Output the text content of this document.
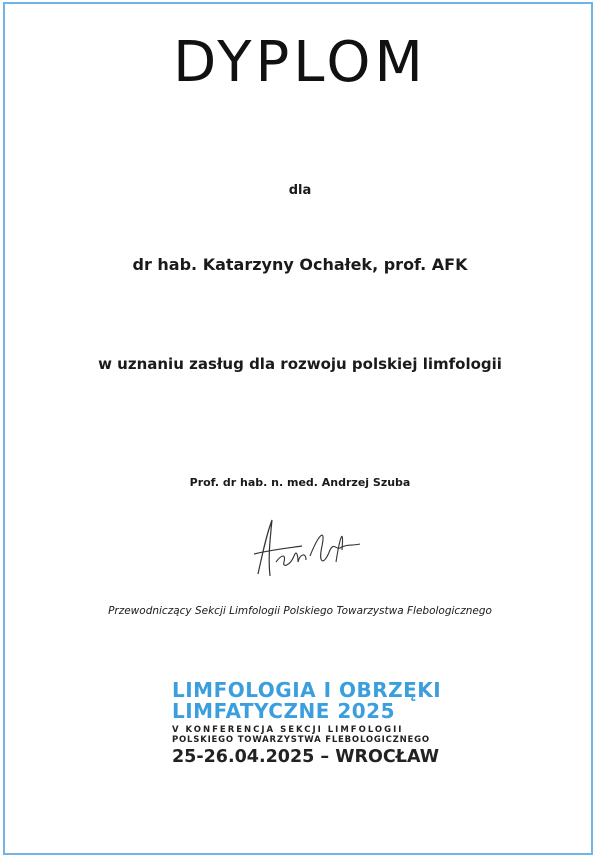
DYPLOM
dla
dr hab. Katarzyny Ochałek, prof. AFK
w uznaniu zasług dla rozwoju polskiej limfologii
Prof. dr hab. n. med. Andrzej Szuba
Przewodniczący Sekcji Limfologii Polskiego Towarzystwa Flebologicznego
LIMFOLOGIA I OBRZĘKI
LIMFATYCZNE 2025
V KONFERENCJA SEKCJI LIMFOLOGII
POLSKIEGO TOWARZYSTWA FLEBOLOGICZNEGO
25-26.04.2025 – WROCŁAW
